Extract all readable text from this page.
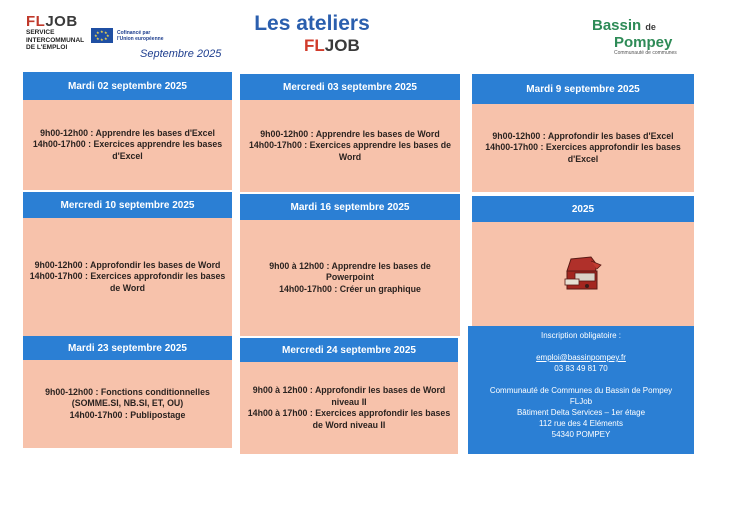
FLJOB
SERVICE
INTERCOMMUNAL
DE L'EMPLOI
★ ★
★
★
★
★
★
★	Cofinancé par
l'Union européenne
Septembre 2025
Les ateliers
FLJOB
Bassin de
Pompey
Communauté de communes
Mardi 02 septembre 2025
9h00-12h00 : Apprendre les bases d'Excel
14h00-17h00 : Exercices apprendre les bases
d'Excel
Mercredi 03 septembre 2025
9h00-12h00 : Apprendre les bases de Word
14h00-17h00 : Exercices apprendre les bases de
Word
Mardi 9 septembre 2025
9h00-12h00 : Approfondir les bases d'Excel
14h00-17h00 : Exercices approfondir les bases
d'Excel
Mercredi 10 septembre 2025
9h00-12h00 : Approfondir les bases de Word
14h00-17h00 : Exercices approfondir les bases
de Word
Mardi 16 septembre 2025
9h00 à 12h00 : Apprendre les bases de
Powerpoint
14h00-17h00 : Créer un graphique
2025
Mardi 23 septembre 2025
9h00-12h00 : Fonctions conditionnelles
(SOMME.SI, NB.SI, ET, OU)
14h00-17h00 : Publipostage
Mercredi 24 septembre 2025
9h00 à 12h00 : Approfondir les bases de Word
niveau II
14h00 à 17h00 : Exercices approfondir les bases
de Word niveau II
Inscription obligatoire :
emploi@bassinpompey.fr
03 83 49 81 70
Communauté de Communes du Bassin de Pompey
FLJob
Bâtiment Delta Services – 1er étage
112 rue des 4 Eléments
54340 POMPEY
